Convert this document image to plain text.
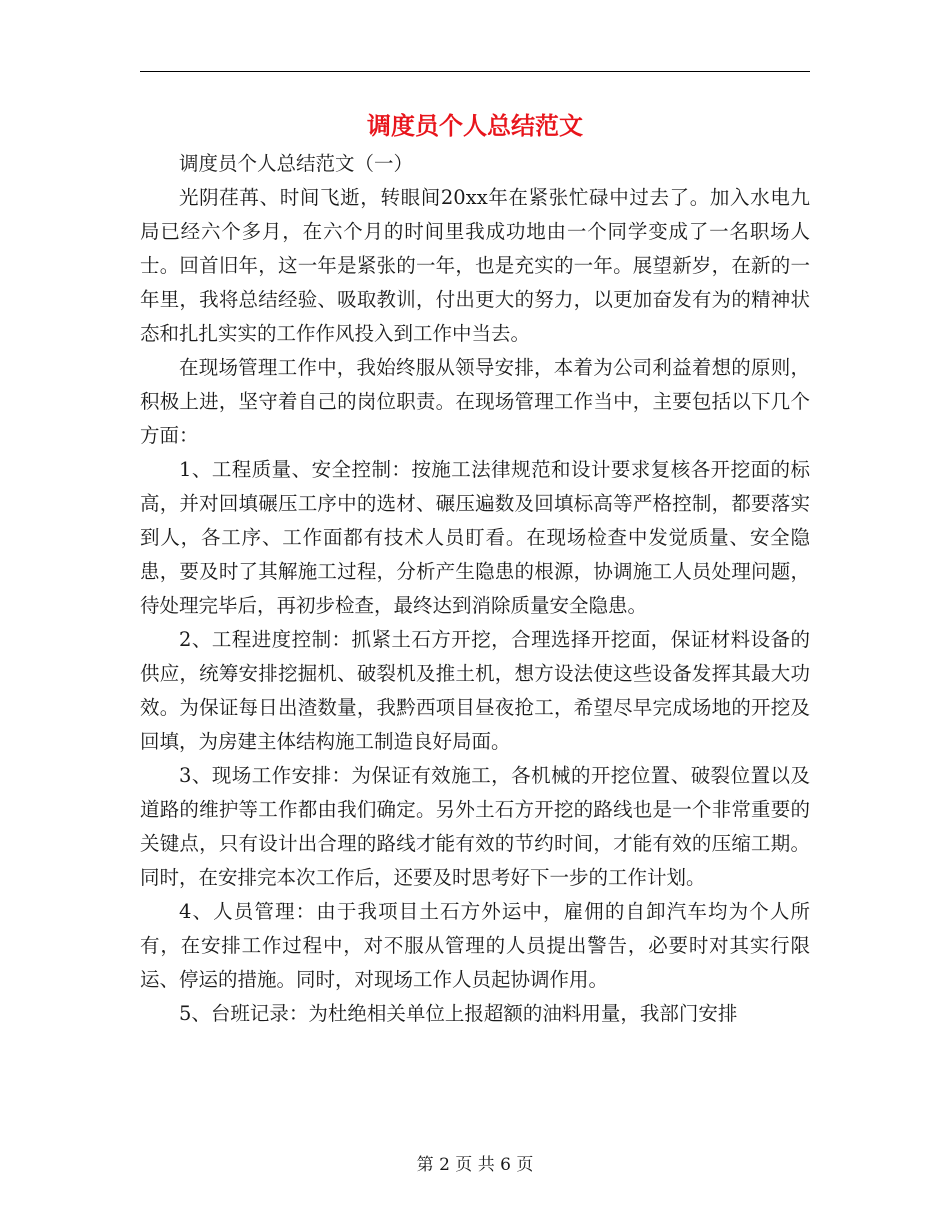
调度员个人总结范文

调度员个人总结范文（一）

光阴荏苒、时间飞逝，转眼间20xx年在紧张忙碌中过去了。加入水电九局已经六个多月，在六个月的时间里我成功地由一个同学变成了一名职场人士。回首旧年，这一年是紧张的一年，也是充实的一年。展望新岁，在新的一年里，我将总结经验、吸取教训，付出更大的努力，以更加奋发有为的精神状态和扎扎实实的工作作风投入到工作中当去。

在现场管理工作中，我始终服从领导安排，本着为公司利益着想的原则，积极上进，坚守着自己的岗位职责。在现场管理工作当中，主要包括以下几个方面：

1、工程质量、安全控制：按施工法律规范和设计要求复核各开挖面的标高，并对回填碾压工序中的选材、碾压遍数及回填标高等严格控制，都要落实到人，各工序、工作面都有技术人员盯看。在现场检查中发觉质量、安全隐患，要及时了其解施工过程，分析产生隐患的根源，协调施工人员处理问题，待处理完毕后，再初步检查，最终达到消除质量安全隐患。

2、工程进度控制：抓紧土石方开挖，合理选择开挖面，保证材料设备的供应，统筹安排挖掘机、破裂机及推土机，想方设法使这些设备发挥其最大功效。为保证每日出渣数量，我黔西项目昼夜抢工，希望尽早完成场地的开挖及回填，为房建主体结构施工制造良好局面。

3、现场工作安排：为保证有效施工，各机械的开挖位置、破裂位置以及道路的维护等工作都由我们确定。另外土石方开挖的路线也是一个非常重要的关键点，只有设计出合理的路线才能有效的节约时间，才能有效的压缩工期。同时，在安排完本次工作后，还要及时思考好下一步的工作计划。

4、人员管理：由于我项目土石方外运中，雇佣的自卸汽车均为个人所有，在安排工作过程中，对不服从管理的人员提出警告，必要时对其实行限运、停运的措施。同时，对现场工作人员起协调作用。

5、台班记录：为杜绝相关单位上报超额的油料用量，我部门安排

第 2 页 共 6 页
